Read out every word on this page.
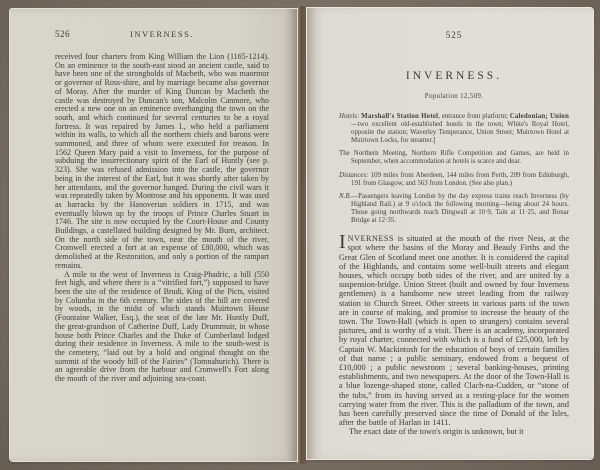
526	INVERNESS.

received four charters from King William the Lion (1165-1214). On an eminence to the south-east stood an ancient castle, said to have been one of the strongholds of Macbeth, who was maormor or governor of Ross-shire, and by marriage became also governor of Moray. After the murder of King Duncan by Macbeth the castle was destroyed by Duncan's son, Malcolm Canmore, who erected a new one on an eminence overhanging the town on the south, and which continued for several centuries to be a royal fortress. It was repaired by James I., who held a parliament within its walls, to which all the northern chiefs and barons were summoned, and three of whom were executed for treason. In 1562 Queen Mary paid a visit to Inverness, for the purpose of subduing the insurrectionary spirit of the Earl of Huntly (see p. 323). She was refused admission into the castle, the governor being in the interest of the Earl, but it was shortly after taken by her attendants, and the governor hanged. During the civil wars it was repeatedly taken by Montrose and his opponents. It was used as barracks by the Hanoverian soldiers in 1715, and was eventually blown up by the troops of Prince Charles Stuart in 1746. The site is now occupied by the Court-House and County Buildings, a castellated building designed by Mr. Burn, architect. On the north side of the town, near the mouth of the river, Cromwell erected a fort at an expense of £80,000, which was demolished at the Restoration, and only a portion of the rampart remains.

A mile to the west of Inverness is Craig-Phadric, a hill (550 feet high, and where there is a “vitrified fort,”) supposed to have been the site of the residence of Brudi, King of the Picts, visited by Columba in the 6th century. The sides of the hill are covered by woods, in the midst of which stands Muirtown House (Fountaine Walker, Esq.), the seat of the late Mr. Huntly Duff, the great-grandson of Catherine Duff, Lady Drummuir, in whose house both Prince Charles and the Duke of Cumberland lodged during their residence in Inverness. A mile to the south-west is the cemetery, “laid out by a bold and original thought on the summit of the woody hill of the Fairies” (Tomnahurich). There is an agreeable drive from the harbour and Cromwell's Fort along the mouth of the river and adjoining sea-coast.

525
INVERNESS.
Population 12,509.

Hotels: Marshall's Station Hotel, entrance from platform; Caledonian; Union—two excellent old-established hotels in the town; White's Royal Hotel, opposite the station; Waverley Temperance, Union Street; Muirtown Hotel at Muirtown Locks, for steamer.]

The Northern Meeting, Northern Rifle Competition and Games, are held in September, when accommodation at hotels is scarce and dear.

Distances: 109 miles from Aberdeen, 144 miles from Perth, 209 from Edinburgh, 191 from Glasgow, and 563 from London. (See also plan.)

N.B.—Passengers leaving London by the day express trains reach Inverness (by Highland Rail.) at 9 o'clock the following morning—being about 24 hours. Those going northwards reach Dingwall at 10·9, Tain at 11·25, and Bonar Bridge at 12·35.

INVERNESS is situated at the mouth of the river Ness, at the spot where the basins of the Moray and Beauly Firths and the Great Glen of Scotland meet one another. It is considered the capital of the Highlands, and contains some well-built streets and elegant houses, which occupy both sides of the river, and are united by a suspension-bridge. Union Street (built and owned by four Inverness gentlemen) is a handsome new street leading from the railway station to Church Street. Other streets in various parts of the town are in course of making, and promise to increase the beauty of the town. The Town-Hall (which is open to strangers) contains several pictures, and is worthy of a visit. There is an academy, incorporated by royal charter, connected with which is a fund of £25,000, left by Captain W. Mackintosh for the education of boys of certain families of that name ; a public seminary, endowed from a bequest of £10,000 ; a public newsroom ; several banking-houses, printing establishments, and two newspapers. At the door of the Town-Hall is a blue lozenge-shaped stone, called Clach-na-Cudden, or “stone of the tubs,” from its having served as a resting-place for the women carrying water from the river. This is the palladium of the town, and has been carefully preserved since the time of Donald of the Isles, after the battle of Harlan in 1411.

The exact date of the town's origin is unknown, but it
